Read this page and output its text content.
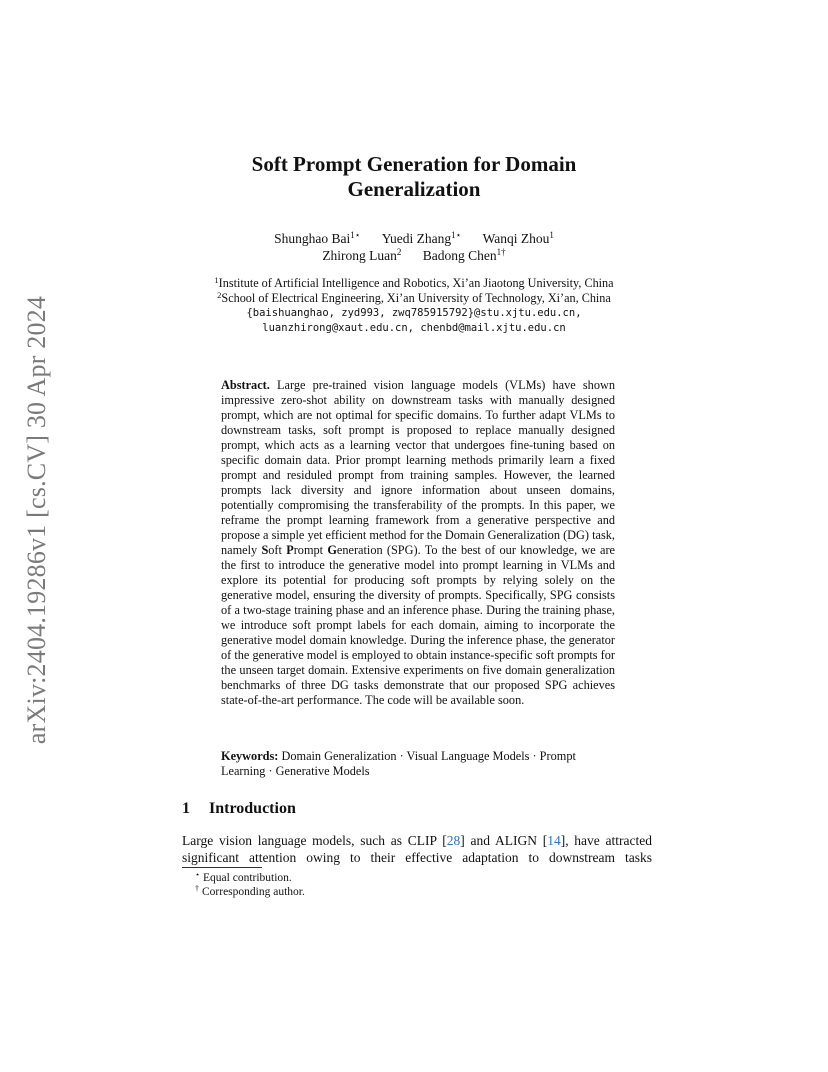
arXiv:2404.19286v1 [cs.CV] 30 Apr 2024
Soft Prompt Generation for Domain
Generalization
Shunghao Bai$^{1⋆}$ Yuedi Zhang$^{1⋆}$ Wanqi Zhou$^1$
Zhirong Luan$^2$ Badong Chen$^{1\dagger}$
$^1$Institute of Artificial Intelligence and Robotics, Xi’an Jiaotong University, China
$^2$School of Electrical Engineering, Xi’an University of Technology, Xi’an, China
{baishuanghao, zyd993, zwq785915792}@stu.xjtu.edu.cn,
luanzhirong@xaut.edu.cn, chenbd@mail.xjtu.edu.cn
Abstract. Large pre-trained vision language models (VLMs) have shown impressive zero-shot ability on downstream tasks with manually designed prompt, which are not optimal for specific domains. To further adapt VLMs to downstream tasks, soft prompt is proposed to replace manually designed prompt, which acts as a learning vector that undergoes fine-tuning based on specific domain data. Prior prompt learning methods primarily learn a fixed prompt and residuled prompt from training samples. However, the learned prompts lack diversity and ignore information about unseen domains, potentially compromising the transferability of the prompts. In this paper, we reframe the prompt learning framework from a generative perspective and propose a simple yet efficient method for the Domain Generalization (DG) task, namely Soft Prompt Generation (SPG). To the best of our knowledge, we are the first to introduce the generative model into prompt learning in VLMs and explore its potential for producing soft prompts by relying solely on the generative model, ensuring the diversity of prompts. Specifically, SPG consists of a two-stage training phase and an inference phase. During the training phase, we introduce soft prompt labels for each domain, aiming to incorporate the generative model domain knowledge. During the inference phase, the generator of the generative model is employed to obtain instance-specific soft prompts for the unseen target domain. Extensive experiments on five domain generalization benchmarks of three DG tasks demonstrate that our proposed SPG achieves state-of-the-art performance. The code will be available soon.
Keywords: Domain Generalization · Visual Language Models · Prompt
Learning · Generative Models
1 Introduction
Large vision language models, such as CLIP [28] and ALIGN [14], have attracted
significant attention owing to their effective adaptation to downstream tasks
⋆ Equal contribution.
† Corresponding author.
